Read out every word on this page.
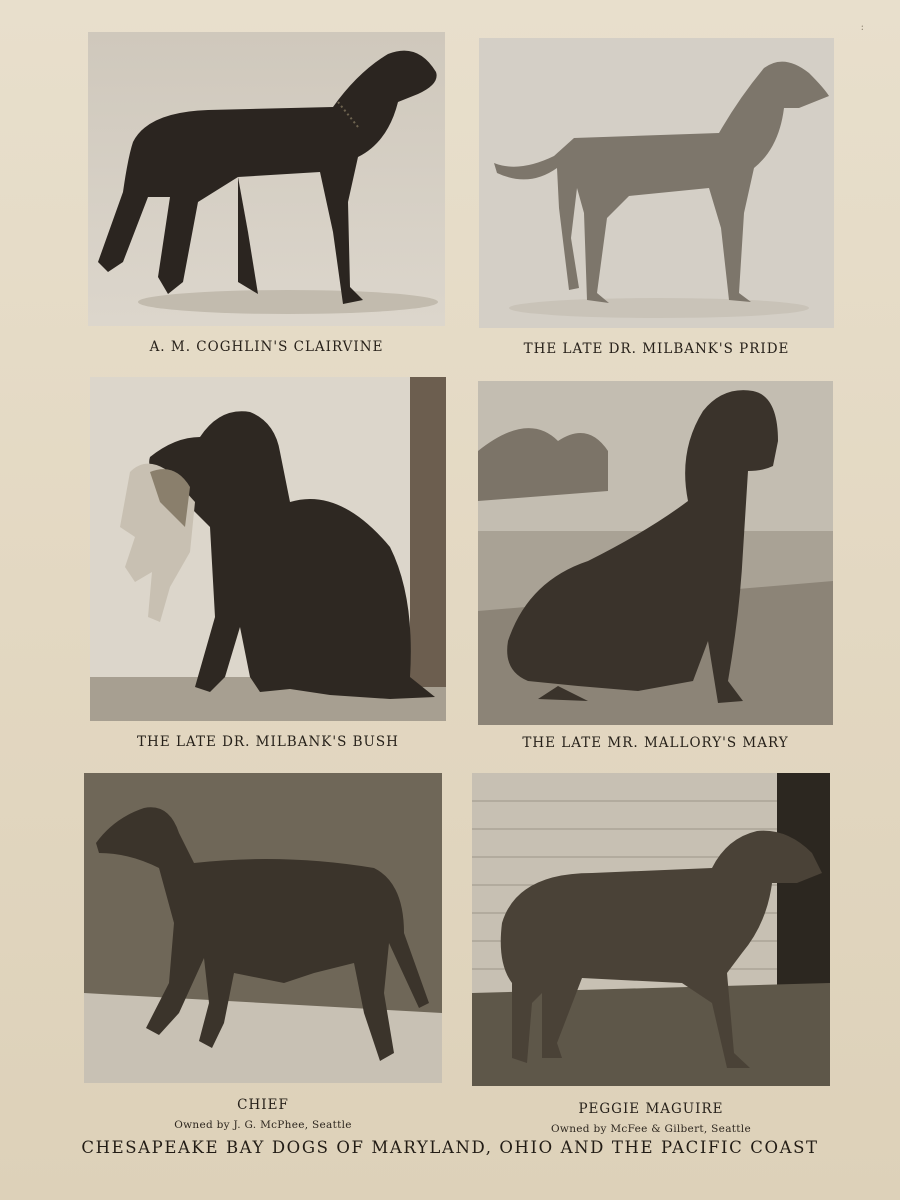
:
A. M. COGHLIN'S CLAIRVINE	THE LATE DR. MILBANK'S PRIDE
THE LATE DR. MILBANK'S BUSH	THE LATE MR. MALLORY'S MARY
CHIEF
Owned by J. G. McPhee, Seattle
PEGGIE MAGUIRE
Owned by McFee & Gilbert, Seattle
CHESAPEAKE BAY DOGS OF MARYLAND, OHIO AND THE PACIFIC COAST
